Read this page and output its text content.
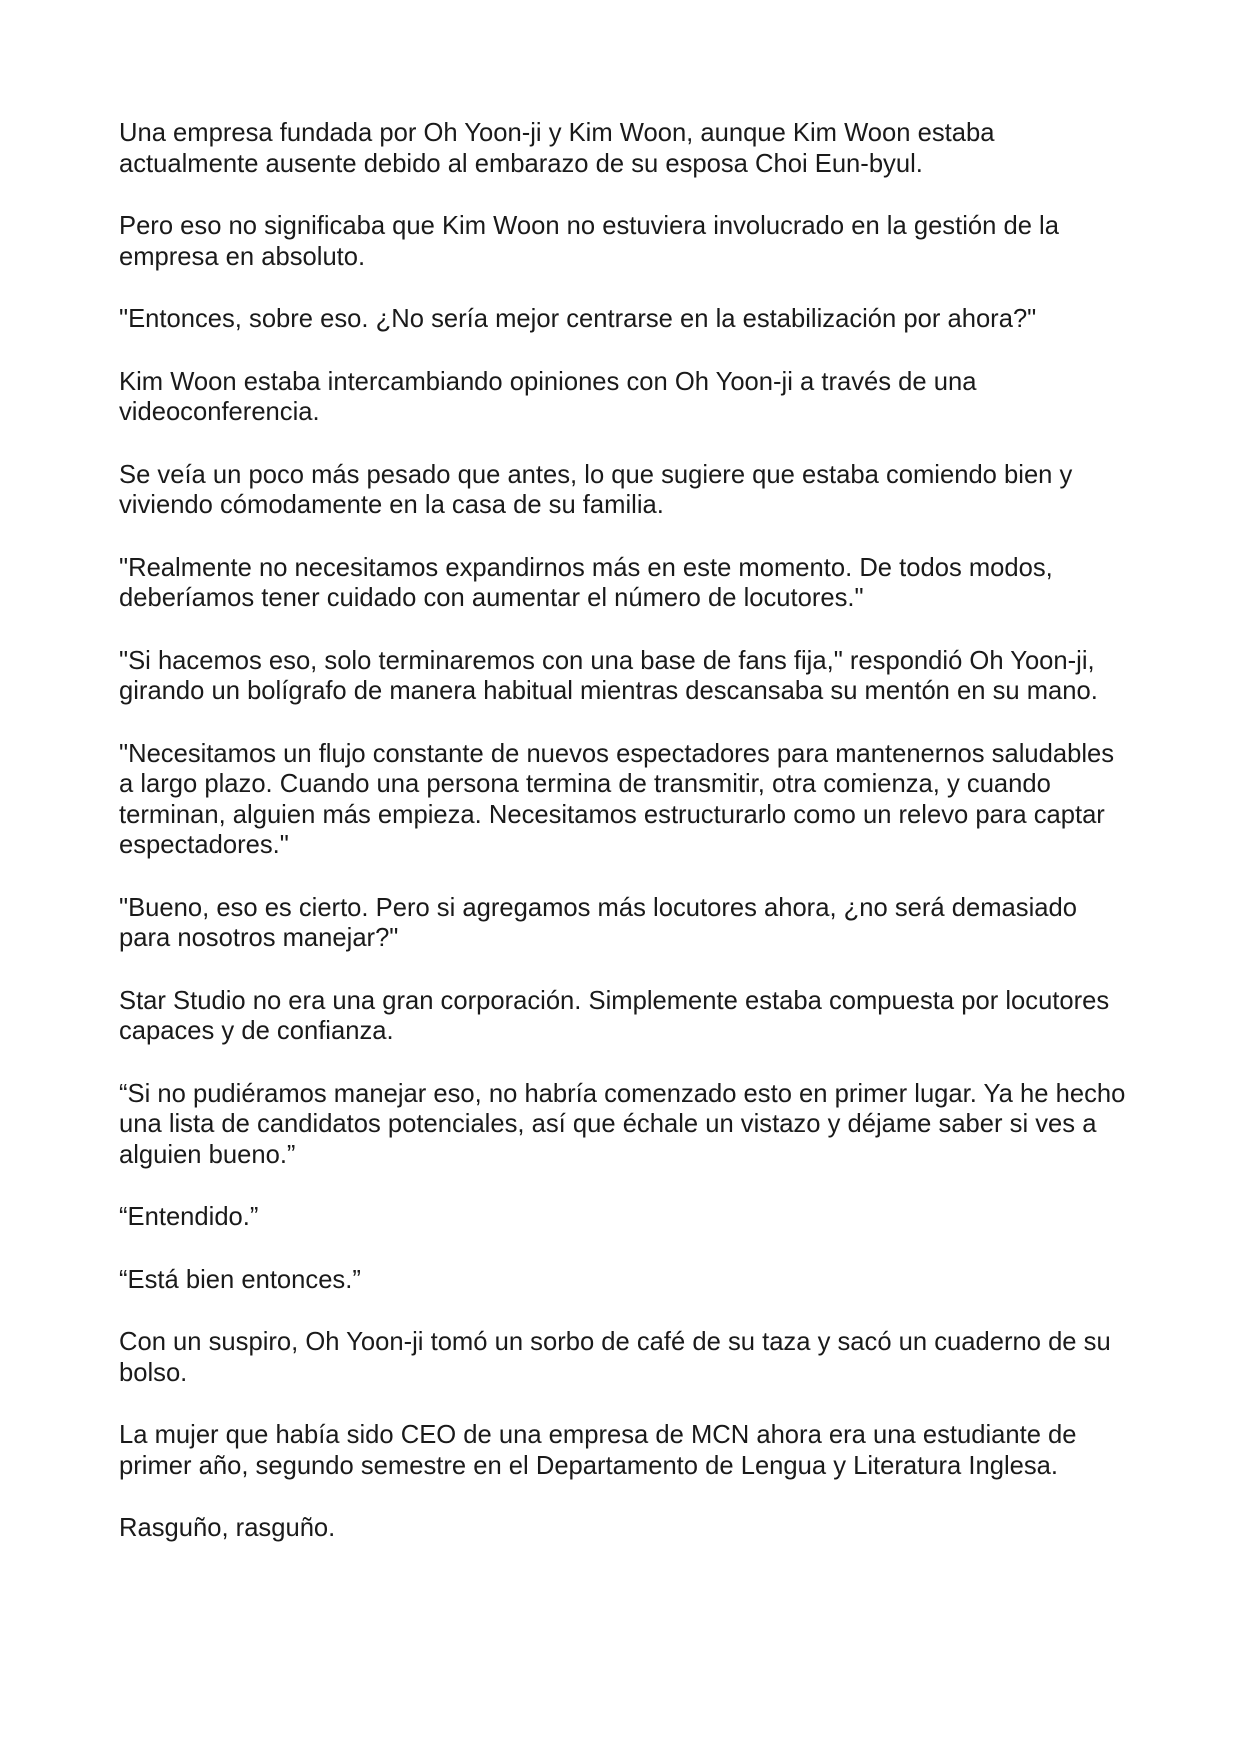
Una empresa fundada por Oh Yoon-ji y Kim Woon, aunque Kim Woon estaba actualmente ausente debido al embarazo de su esposa Choi Eun-byul.

Pero eso no significaba que Kim Woon no estuviera involucrado en la gestión de la empresa en absoluto.

"Entonces, sobre eso. ¿No sería mejor centrarse en la estabilización por ahora?"

Kim Woon estaba intercambiando opiniones con Oh Yoon-ji a través de una videoconferencia.

Se veía un poco más pesado que antes, lo que sugiere que estaba comiendo bien y viviendo cómodamente en la casa de su familia.

"Realmente no necesitamos expandirnos más en este momento. De todos modos, deberíamos tener cuidado con aumentar el número de locutores."

"Si hacemos eso, solo terminaremos con una base de fans fija," respondió Oh Yoon-ji, girando un bolígrafo de manera habitual mientras descansaba su mentón en su mano.

"Necesitamos un flujo constante de nuevos espectadores para mantenernos saludables a largo plazo. Cuando una persona termina de transmitir, otra comienza, y cuando terminan, alguien más empieza. Necesitamos estructurarlo como un relevo para captar espectadores."

"Bueno, eso es cierto. Pero si agregamos más locutores ahora, ¿no será demasiado para nosotros manejar?"

Star Studio no era una gran corporación. Simplemente estaba compuesta por locutores capaces y de confianza.

“Si no pudiéramos manejar eso, no habría comenzado esto en primer lugar. Ya he hecho una lista de candidatos potenciales, así que échale un vistazo y déjame saber si ves a alguien bueno.”

“Entendido.”

“Está bien entonces.”

Con un suspiro, Oh Yoon-ji tomó un sorbo de café de su taza y sacó un cuaderno de su bolso.

La mujer que había sido CEO de una empresa de MCN ahora era una estudiante de primer año, segundo semestre en el Departamento de Lengua y Literatura Inglesa.

Rasguño, rasguño.
